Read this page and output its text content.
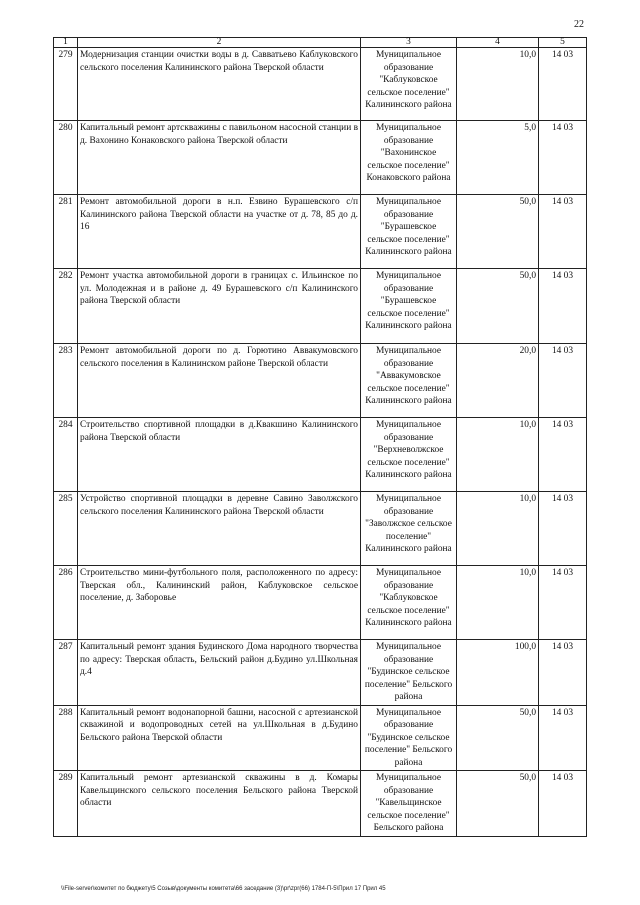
22
1	2	3	4	5
279	Модернизация станции очистки воды в д. Савватьево Каблуковского сельского поселения Калининского района Тверской области	Муниципальное образование "Каблуковское сельское поселение" Калининского района	10,0	14 03
280	Капитальный ремонт артскважины с павильоном насосной станции в д. Вахонино Конаковского района Тверской области	Муниципальное образование "Вахонинское сельское поселение" Конаковского района	5,0	14 03
281	Ремонт автомобильной дороги в н.п. Езвино Бурашевского с/п Калининского района Тверской области на участке от д. 78, 85 до д. 16	Муниципальное образование "Бурашевское сельское поселение" Калининского района	50,0	14 03
282	Ремонт участка автомобильной дороги в границах с. Ильинское по ул. Молодежная и в районе д. 49 Бурашевского с/п Калининского района Тверской области	Муниципальное образование "Бурашевское сельское поселение" Калининского района	50,0	14 03
283	Ремонт автомобильной дороги по д. Горютино Аввакумовского сельского поселения в Калининском районе Тверской области	Муниципальное образование "Аввакумовское сельское поселение" Калининского района	20,0	14 03
284	Строительство спортивной площадки в д.Квакшино Калининского района Тверской области	Муниципальное образование "Верхневолжское сельское поселение" Калининского района	10,0	14 03
285	Устройство спортивной площадки в деревне Савино Заволжского сельского поселения Калининского района Тверской области	Муниципальное образование "Заволжское сельское поселение" Калининского района	10,0	14 03
286	Строительство мини-футбольного поля, расположенного по адресу: Тверская обл., Калининский район, Каблуковское сельское поселение, д. Заборовье	Муниципальное образование "Каблуковское сельское поселение" Калининского района	10,0	14 03
287	Капитальный ремонт здания Будинского Дома народного творчества по адресу: Тверская область, Бельский район д.Будино ул.Школьная д.4	Муниципальное образование "Будинское сельское поселение" Бельского района	100,0	14 03
288	Капитальный ремонт водонапорной башни, насосной с артезианской скважиной и водопроводных сетей на ул.Школьная в д.Будино Бельского района Тверской области	Муниципальное образование "Будинское сельское поселение" Бельского района	50,0	14 03
289	Капитальный ремонт артезианской скважины в д. Комары Кавельщинского сельского поселения Бельского района Тверской области	Муниципальное образование "Кавельщинское сельское поселение" Бельского района	50,0	14 03
\\File-server\комитет по бюджету\5 Созыв\документы комитета\66 заседание (3)\pr\zpr(66) 1784-П-5\Прил 17 Прил 45
